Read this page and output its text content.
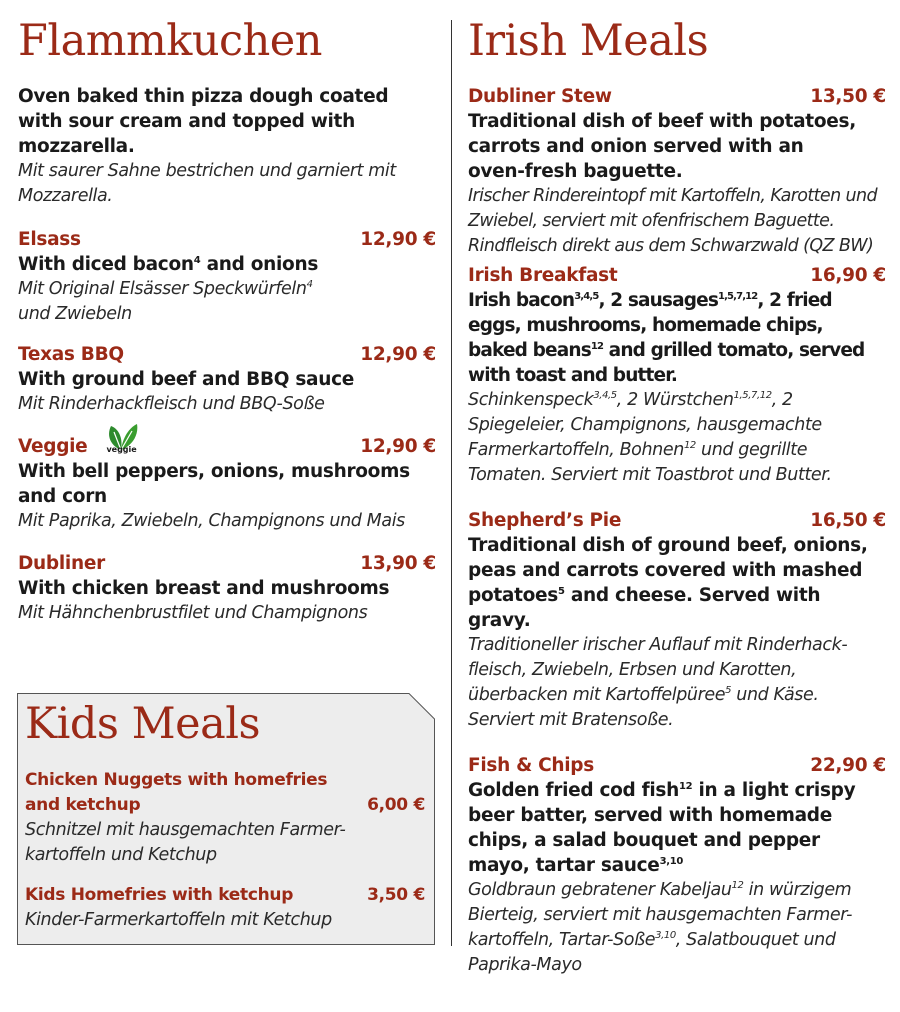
Flammkuchen
Oven baked thin pizza dough coated with sour cream and topped with mozzarella.
Mit saurer Sahne bestrichen und garniert mit Mozzarella.
Elsass	12,90 €
With diced bacon$^4$ and onions
Mit Original Elsässer Speckwürfeln$^4$
und Zwiebeln
Texas BBQ	12,90 €
With ground beef and BBQ sauce
Mit Rinderhackfleisch und BBQ-Soße
Veggie veggie	12,90 €
With bell peppers, onions, mushrooms and corn
Mit Paprika, Zwiebeln, Champignons und Mais
Dubliner	13,90 €
With chicken breast and mushrooms
Mit Hähnchenbrustfilet und Champignons
Kids Meals
Chicken Nuggets with homefries and ketchup	6,00 €
Schnitzel mit hausgemachten Farmer-kartoffeln und Ketchup
Kids Homefries with ketchup	3,50 €
Kinder-Farmerkartoffeln mit Ketchup
Irish Meals
Dubliner Stew	13,50 €
Traditional dish of beef with potatoes, carrots and onion served with an oven-fresh baguette.
Irischer Rindereintopf mit Kartoffeln, Karotten und Zwiebel, serviert mit ofenfrischem Baguette. Rindfleisch direkt aus dem Schwarzwald (QZ BW)
Irish Breakfast	16,90 €
Irish bacon$^{3,4,5}$, 2 sausages$^{1,5,7,12}$, 2 fried eggs, mushrooms, homemade chips, baked beans$^{12}$ and grilled tomato, served with toast and butter.
Schinkenspeck$^{3,4,5}$, 2 Würstchen$^{1,5,7,12}$, 2 Spiegeleier, Champignons, hausgemachte Farmerkartoffeln, Bohnen$^{12}$ und gegrillte Tomaten. Serviert mit Toastbrot und Butter.
Shepherd’s Pie	16,50 €
Traditional dish of ground beef, onions, peas and carrots covered with mashed potatoes$^5$ and cheese. Served with gravy.
Traditioneller irischer Auflauf mit Rinderhack-fleisch, Zwiebeln, Erbsen und Karotten, überbacken mit Kartoffelpüree$^5$ und Käse. Serviert mit Bratensoße.
Fish & Chips	22,90 €
Golden fried cod fish$^{12}$ in a light crispy beer batter, served with homemade chips, a salad bouquet and pepper mayo, tartar sauce$^{3,10}$
Goldbraun gebratener Kabeljau$^{12}$ in würzigem Bierteig, serviert mit hausgemachten Farmer-kartoffeln, Tartar-Soße$^{3,10}$, Salatbouquet und Paprika-Mayo
